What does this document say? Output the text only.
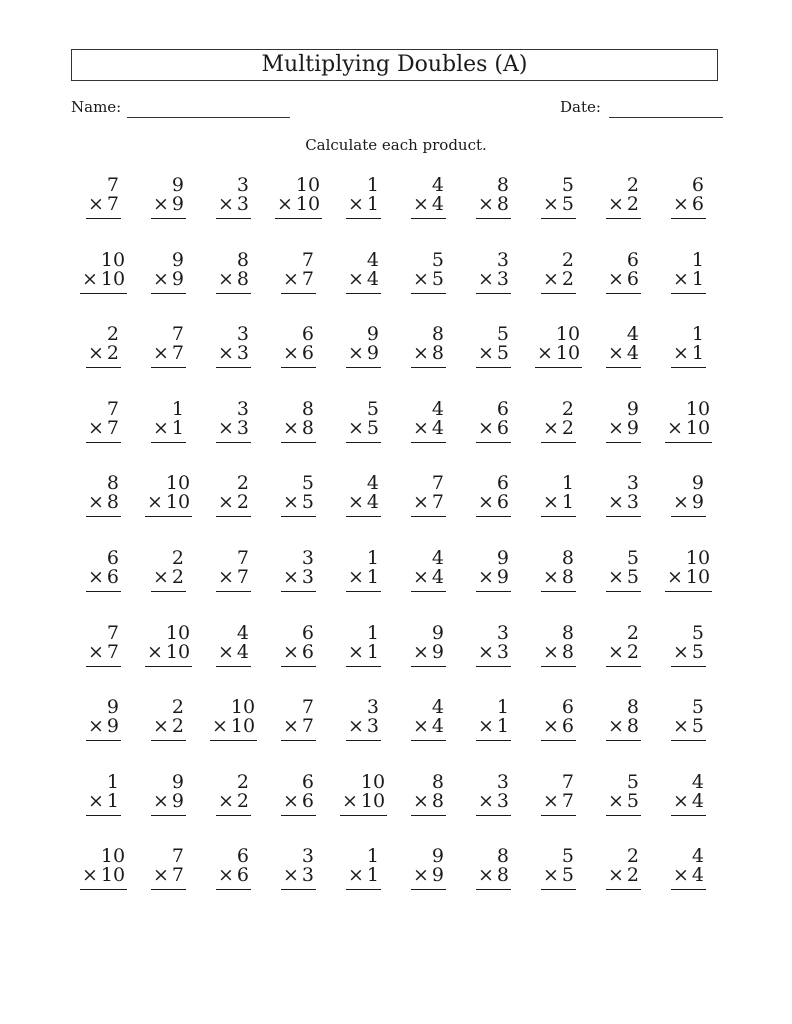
Multiplying Doubles (A)
Name:	Date:
Calculate each product.
7
× 7
9
× 9
3
× 3
10
× 10
1
× 1
4
× 4
8
× 8
5
× 5
2
× 2
6
× 6
10
× 10
9
× 9
8
× 8
7
× 7
4
× 4
5
× 5
3
× 3
2
× 2
6
× 6
1
× 1
2
× 2
7
× 7
3
× 3
6
× 6
9
× 9
8
× 8
5
× 5
10
× 10
4
× 4
1
× 1
7
× 7
1
× 1
3
× 3
8
× 8
5
× 5
4
× 4
6
× 6
2
× 2
9
× 9
10
× 10
8
× 8
10
× 10
2
× 2
5
× 5
4
× 4
7
× 7
6
× 6
1
× 1
3
× 3
9
× 9
6
× 6
2
× 2
7
× 7
3
× 3
1
× 1
4
× 4
9
× 9
8
× 8
5
× 5
10
× 10
7
× 7
10
× 10
4
× 4
6
× 6
1
× 1
9
× 9
3
× 3
8
× 8
2
× 2
5
× 5
9
× 9
2
× 2
10
× 10
7
× 7
3
× 3
4
× 4
1
× 1
6
× 6
8
× 8
5
× 5
1
× 1
9
× 9
2
× 2
6
× 6
10
× 10
8
× 8
3
× 3
7
× 7
5
× 5
4
× 4
10
× 10
7
× 7
6
× 6
3
× 3
1
× 1
9
× 9
8
× 8
5
× 5
2
× 2
4
× 4
